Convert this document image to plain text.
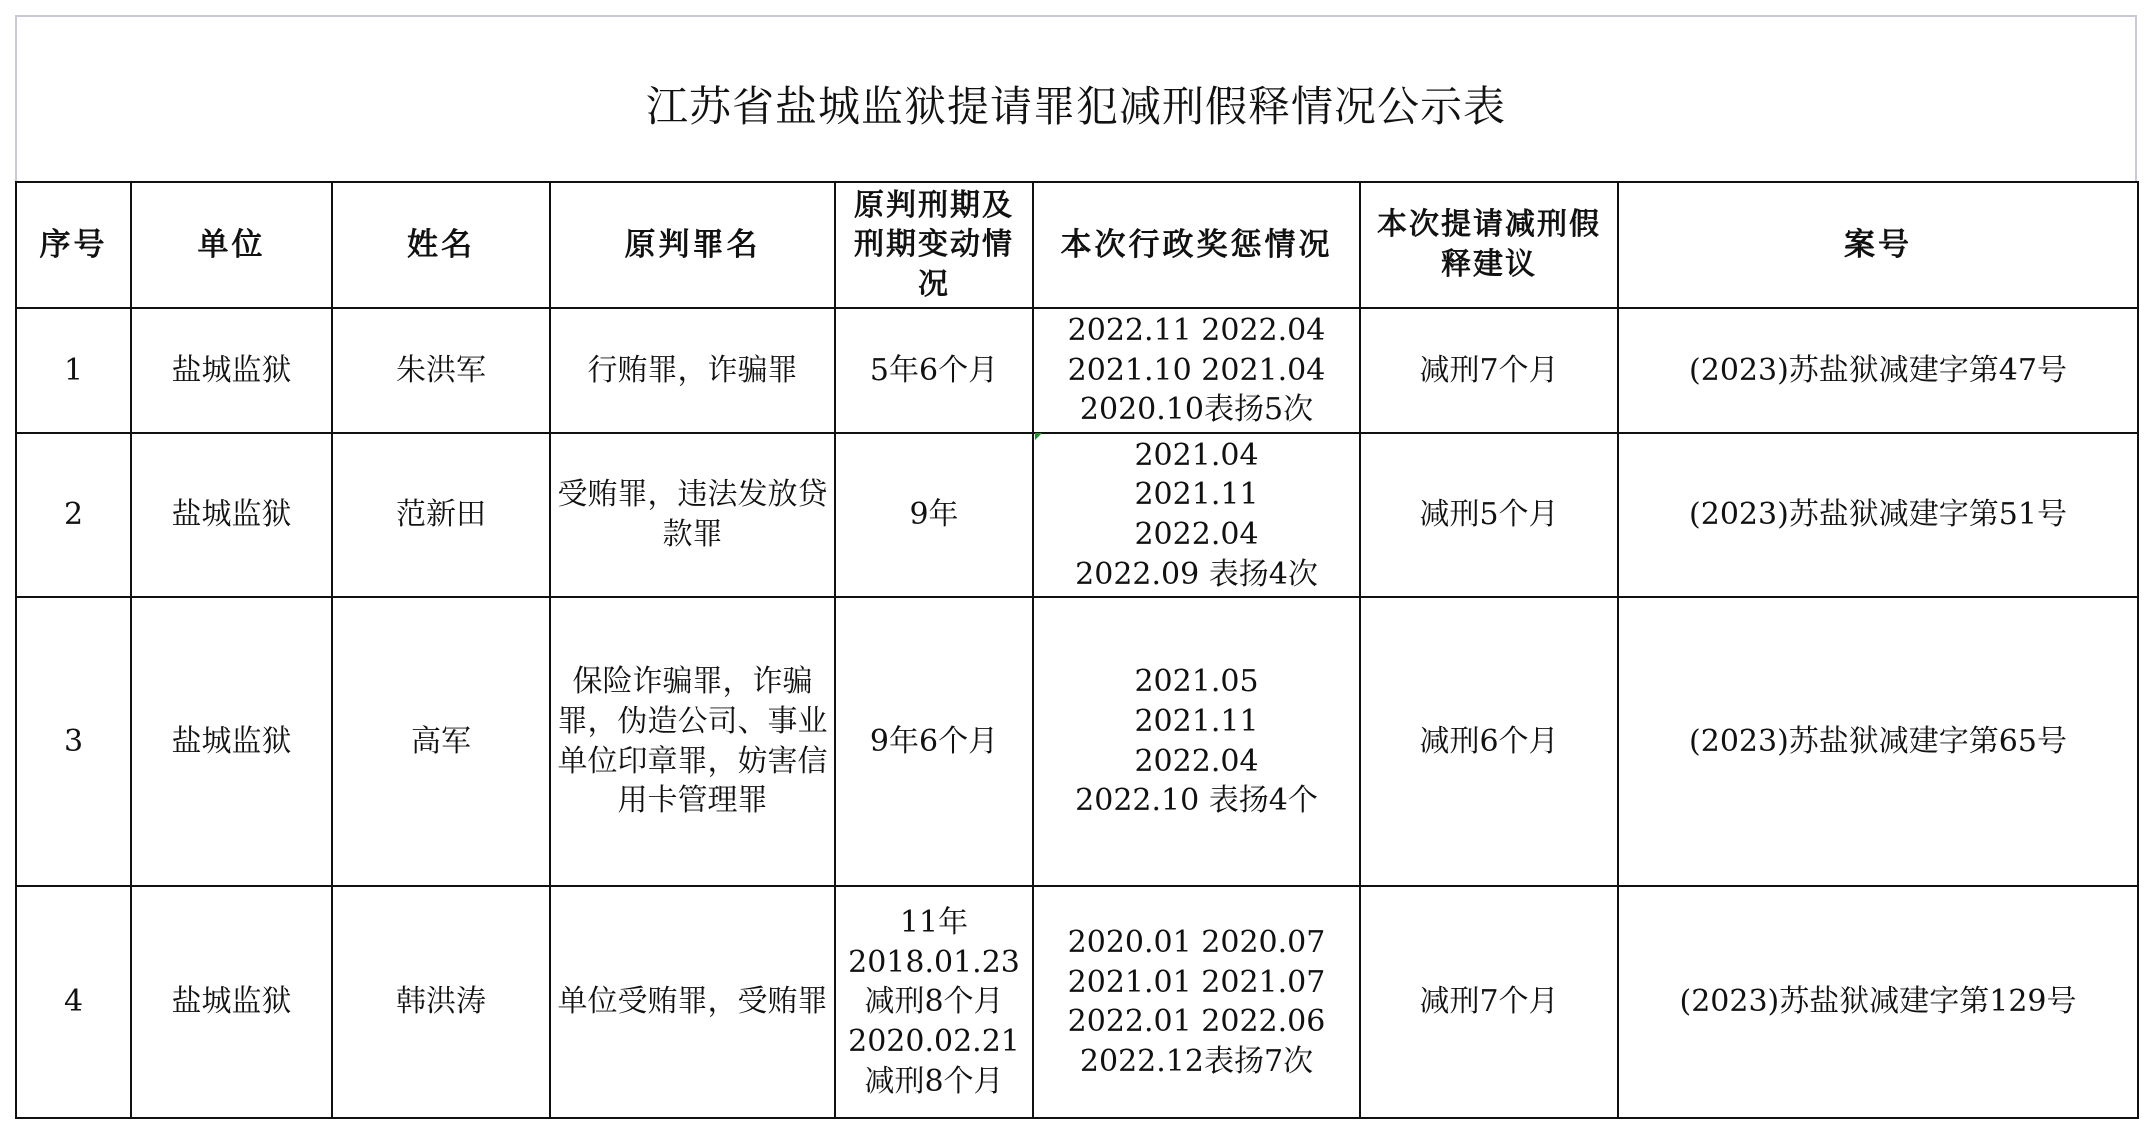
江苏省盐城监狱提请罪犯减刑假释情况公示表
序号	单位	姓名	原判罪名	原判刑期及刑期变动情况	本次行政奖惩情况	本次提请减刑假释建议	案号
1	盐城监狱	朱洪军	行贿罪，诈骗罪	5年6个月	2022.11 2022.04 2021.10 2021.04 2020.10表扬5次	减刑7个月	(2023)苏盐狱减建字第47号
2	盐城监狱	范新田	受贿罪，违法发放贷款罪	9年	2021.04 2021.11 2022.04 2022.09 表扬4次	减刑5个月	(2023)苏盐狱减建字第51号
3	盐城监狱	高军	保险诈骗罪，诈骗罪，伪造公司、事业单位印章罪，妨害信用卡管理罪	9年6个月	2021.05 2021.11 2022.04 2022.10 表扬4个	减刑6个月	(2023)苏盐狱减建字第65号
4	盐城监狱	韩洪涛	单位受贿罪，受贿罪	11年 2018.01.23减刑8个月 2020.02.21减刑8个月	2020.01 2020.07 2021.01 2021.07 2022.01 2022.06 2022.12表扬7次	减刑7个月	(2023)苏盐狱减建字第129号
